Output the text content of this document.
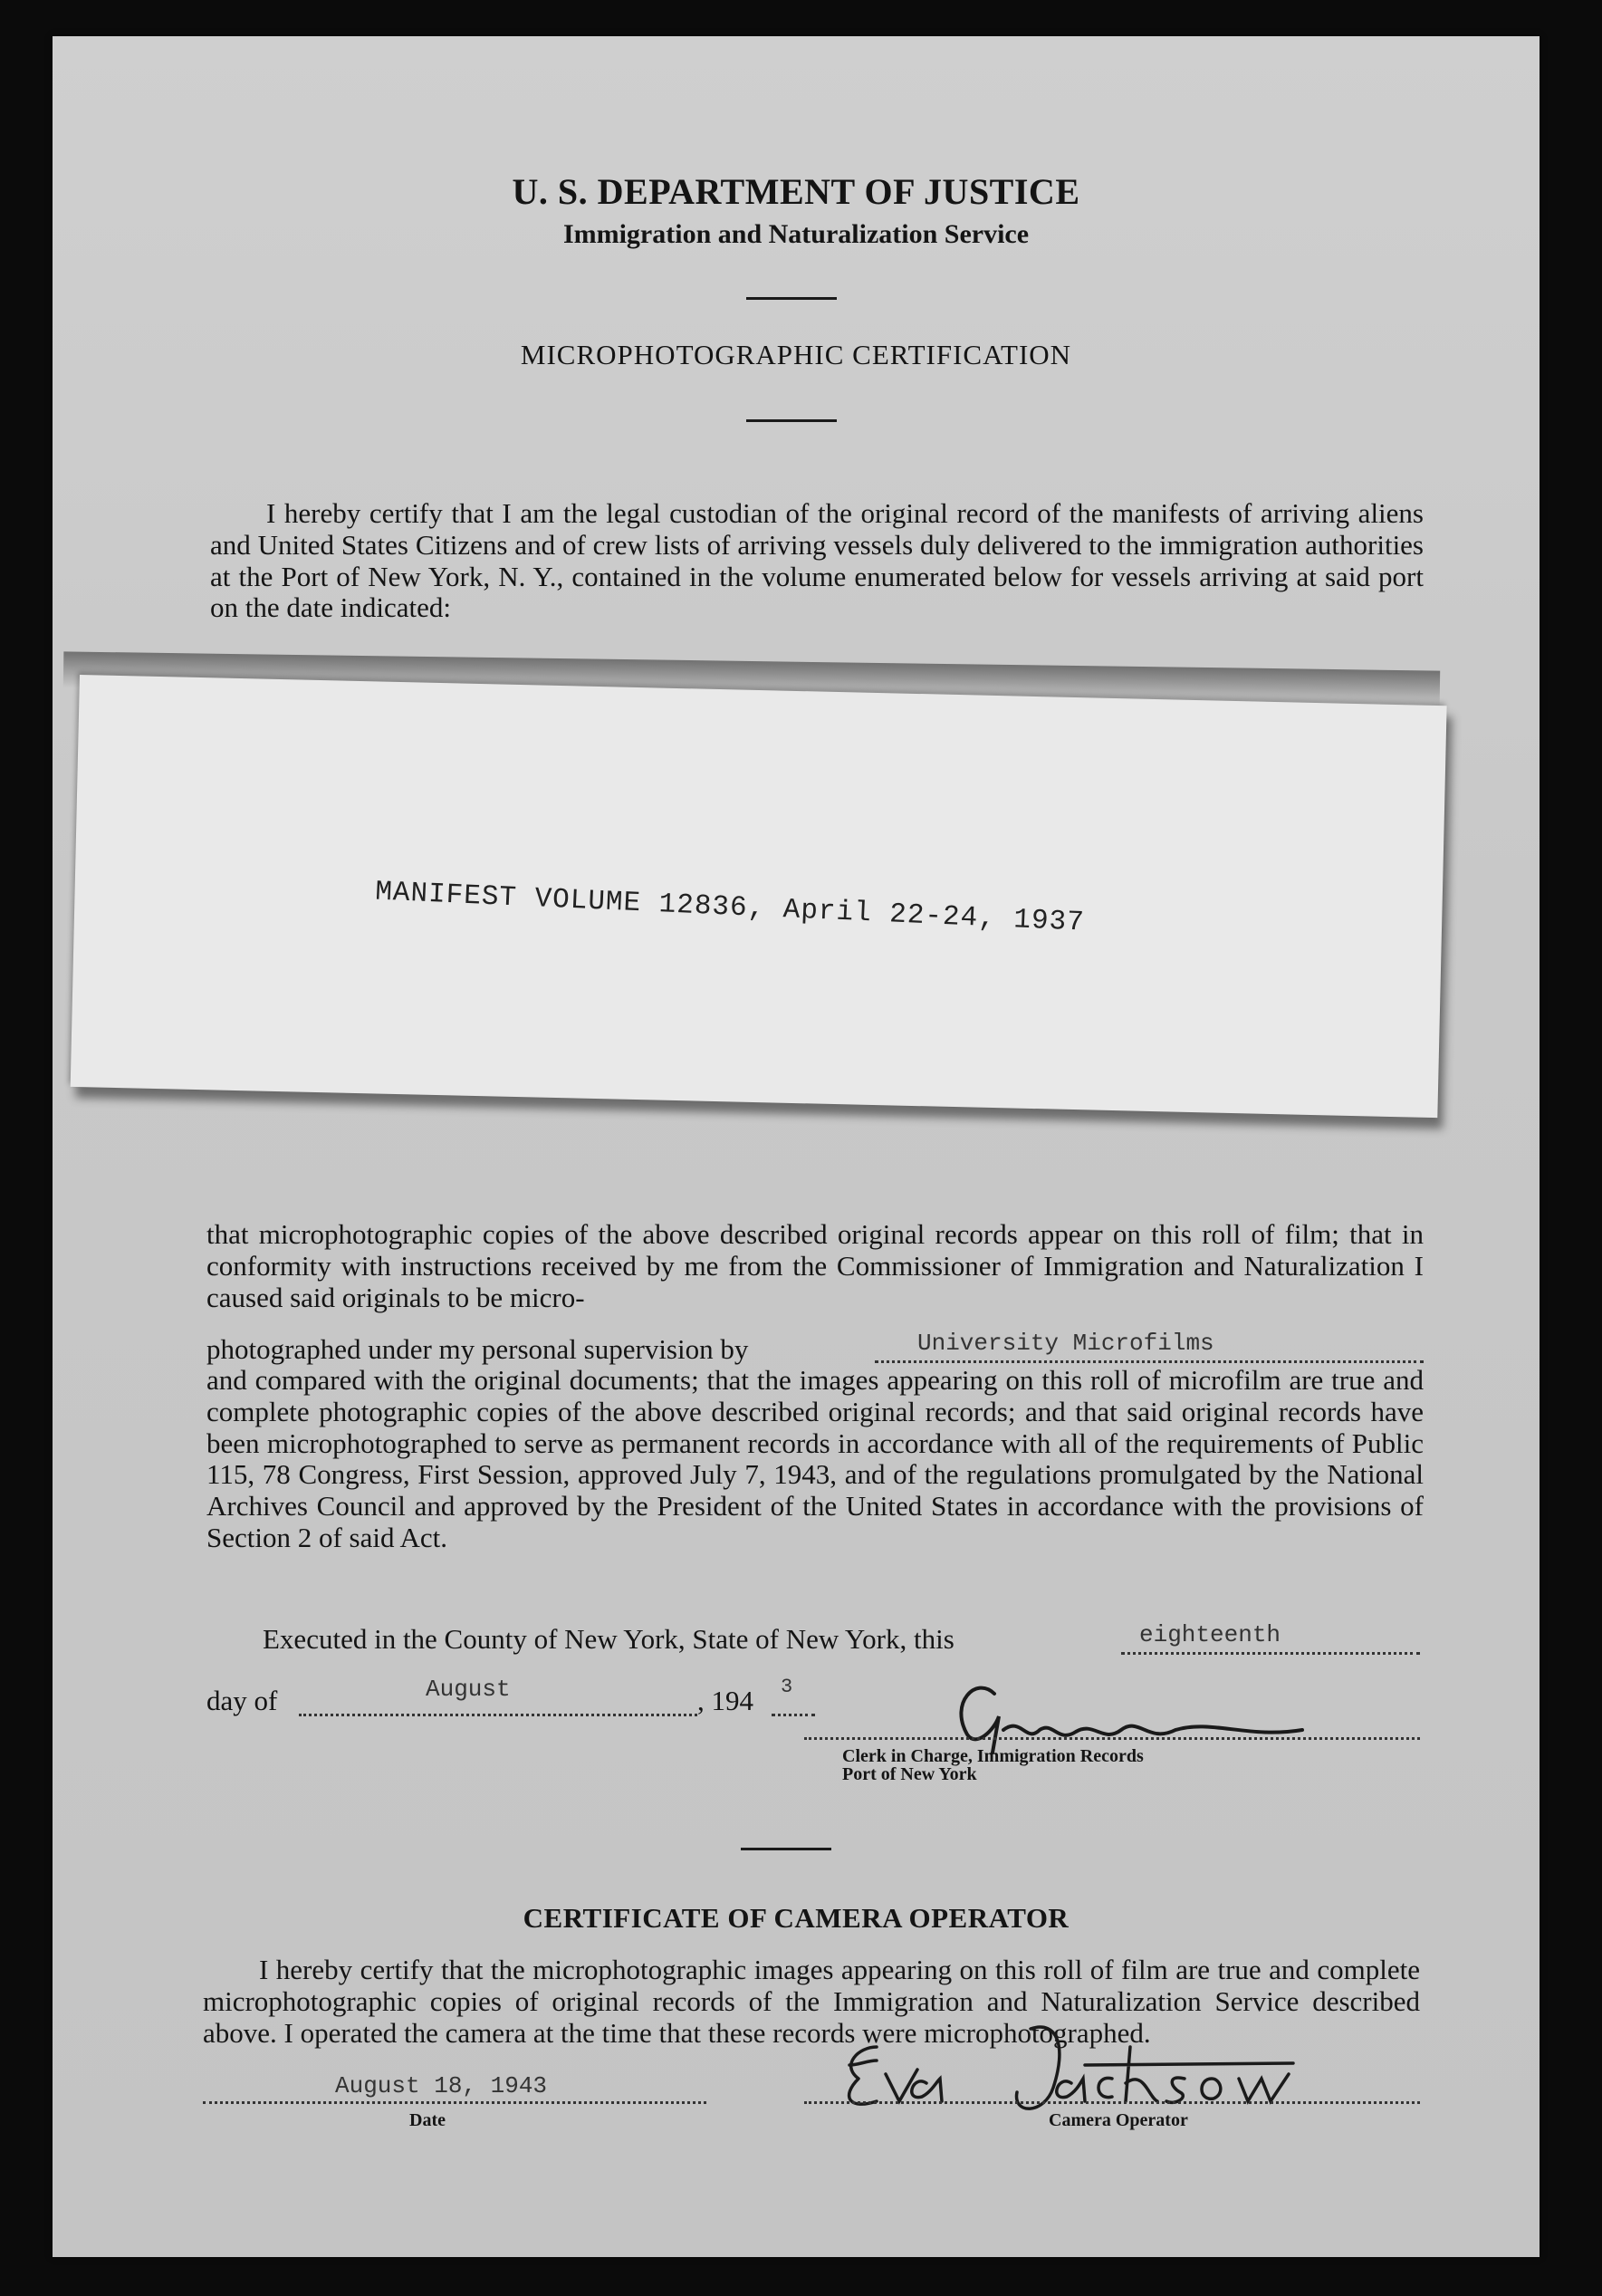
U. S. DEPARTMENT OF JUSTICE
Immigration and Naturalization Service
MICROPHOTOGRAPHIC CERTIFICATION

I hereby certify that I am the legal custodian of the original record of the manifests of arriving aliens and United States Citizens and of crew lists of arriving vessels duly delivered to the immigration authorities at the Port of New York, N. Y., contained in the volume enumerated below for vessels arriving at said port on the date indicated:

MANIFEST VOLUME 12836, April 22-24, 1937

that microphotographic copies of the above described original records appear on this roll of film; that in conformity with instructions received by me from the Commissioner of Immigration and Naturalization I caused said originals to be micro-

photographed under my personal supervision by	University Microfilms

and compared with the original documents; that the images appearing on this roll of microfilm are true and complete photographic copies of the above described original records; and that said original records have been microphotographed to serve as permanent records in accordance with all of the requirements of Public 115, 78 Congress, First Session, approved July 7, 1943, and of the regulations promulgated by the National Archives Council and approved by the President of the United States in accordance with the provisions of Section 2 of said Act.

Executed in the County of New York, State of New York, this	eighteenth
day of	August	, 194 3
Clerk in Charge, Immigration Records
Port of New York
CERTIFICATE OF CAMERA OPERATOR

I hereby certify that the microphotographic images appearing on this roll of film are true and complete microphotographic copies of original records of the Immigration and Naturalization Service described above. I operated the camera at the time that these records were microphotographed.

August 18, 1943
Date	Camera Operator
